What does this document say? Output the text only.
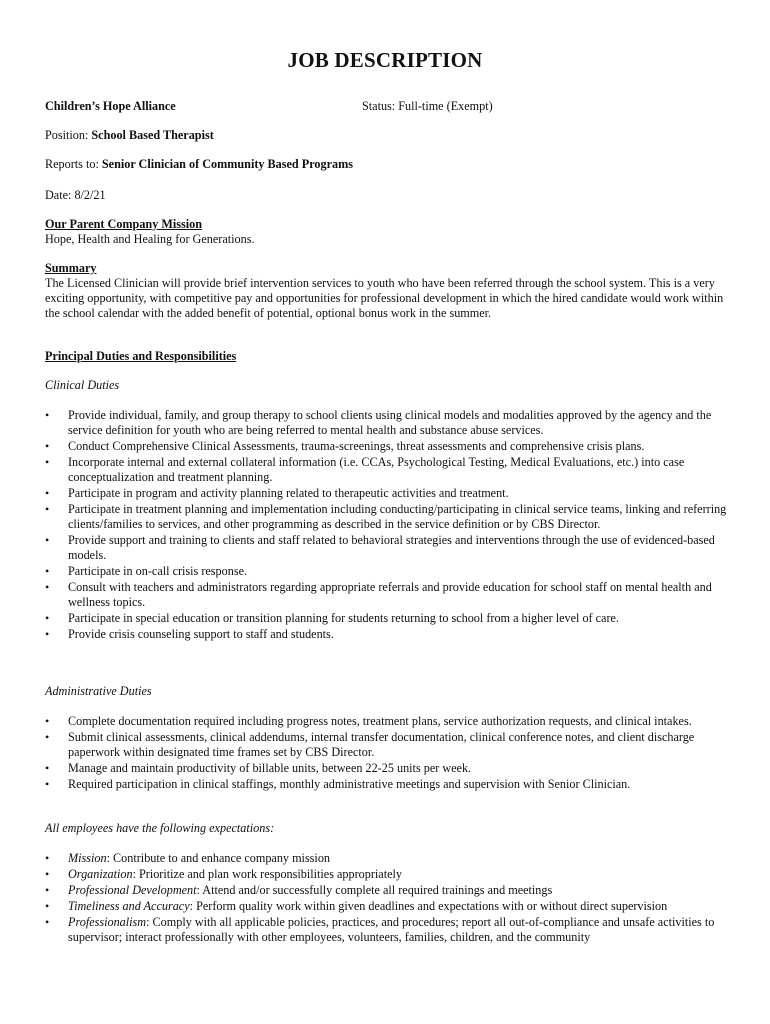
JOB DESCRIPTION
Children’s Hope Alliance	Status: Full-time (Exempt)
Position: School Based Therapist
Reports to: Senior Clinician of Community Based Programs
Date: 8/2/21
Our Parent Company Mission
Hope, Health and Healing for Generations.
Summary
The Licensed Clinician will provide brief intervention services to youth who have been referred through the school system. This is a very exciting opportunity, with competitive pay and opportunities for professional development in which the hired candidate would work within the school calendar with the added benefit of potential, optional bonus work in the summer.
Principal Duties and Responsibilities
Clinical Duties
• Provide individual, family, and group therapy to school clients using clinical models and modalities approved by the agency and the service definition for youth who are being referred to mental health and substance abuse services.
• Conduct Comprehensive Clinical Assessments, trauma-screenings, threat assessments and comprehensive crisis plans.
• Incorporate internal and external collateral information (i.e. CCAs, Psychological Testing, Medical Evaluations, etc.) into case conceptualization and treatment planning.
• Participate in program and activity planning related to therapeutic activities and treatment.
• Participate in treatment planning and implementation including conducting/participating in clinical service teams, linking and referring clients/families to services, and other programming as described in the service definition or by CBS Director.
• Provide support and training to clients and staff related to behavioral strategies and interventions through the use of evidenced-based models.
• Participate in on-call crisis response.
• Consult with teachers and administrators regarding appropriate referrals and provide education for school staff on mental health and wellness topics.
• Participate in special education or transition planning for students returning to school from a higher level of care.
• Provide crisis counseling support to staff and students.
Administrative Duties
• Complete documentation required including progress notes, treatment plans, service authorization requests, and clinical intakes.
• Submit clinical assessments, clinical addendums, internal transfer documentation, clinical conference notes, and client discharge paperwork within designated time frames set by CBS Director.
• Manage and maintain productivity of billable units, between 22-25 units per week.
• Required participation in clinical staffings, monthly administrative meetings and supervision with Senior Clinician.
All employees have the following expectations:
• Mission: Contribute to and enhance company mission
• Organization: Prioritize and plan work responsibilities appropriately
• Professional Development: Attend and/or successfully complete all required trainings and meetings
• Timeliness and Accuracy: Perform quality work within given deadlines and expectations with or without direct supervision
• Professionalism: Comply with all applicable policies, practices, and procedures; report all out-of-compliance and unsafe activities to supervisor; interact professionally with other employees, volunteers, families, children, and the community
